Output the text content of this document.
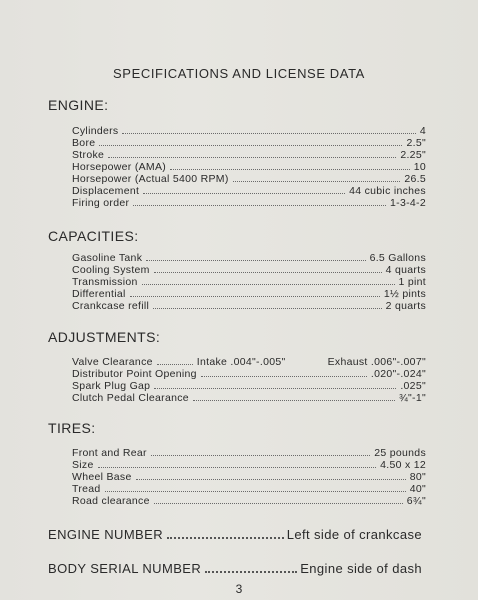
SPECIFICATIONS AND LICENSE DATA
ENGINE:
Cylinders	4
Bore	2.5"
Stroke	2.25"
Horsepower (AMA)	10
Horsepower (Actual 5400 RPM)	26.5
Displacement	44 cubic inches
Firing order	1-3-4-2
CAPACITIES:
Gasoline Tank	6.5 Gallons
Cooling System	4 quarts
Transmission	1 pint
Differential	1½ pints
Crankcase refill	2 quarts
ADJUSTMENTS:
Valve Clearance	Intake .004"-.005"	Exhaust .006"-.007"
Distributor Point Opening	.020"-.024"
Spark Plug Gap	.025"
Clutch Pedal Clearance	¾"-1"
TIRES:
Front and Rear	25 pounds
Size	4.50 x 12
Wheel Base	80"
Tread	40"
Road clearance	6¾"
ENGINE NUMBER	Left side of crankcase
BODY SERIAL NUMBER	Engine side of dash
3
